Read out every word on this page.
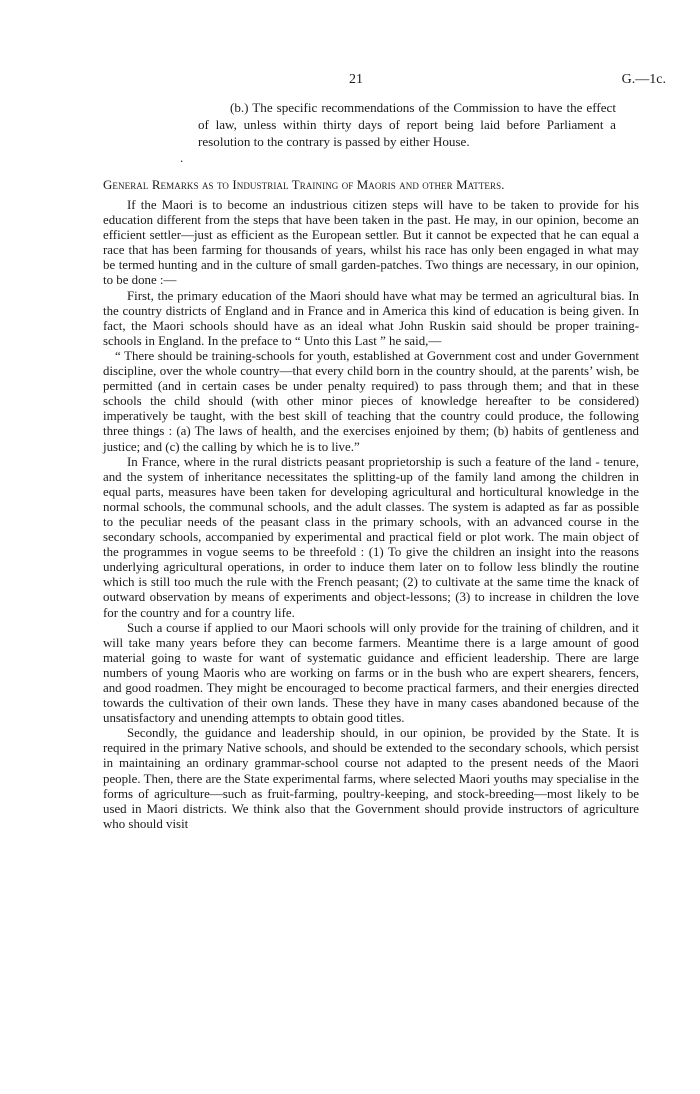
21	G.—1c.

(b.) The specific recommendations of the Commission to have the effect of law, unless within thirty days of report being laid before Parliament a resolution to the contrary is passed by either House.

.
General Remarks as to Industrial Training of Maoris and other Matters.

If the Maori is to become an industrious citizen steps will have to be taken to provide for his education different from the steps that have been taken in the past. He may, in our opinion, become an efficient settler—just as efficient as the European settler. But it cannot be expected that he can equal a race that has been farming for thousands of years, whilst his race has only been engaged in what may be termed hunting and in the culture of small garden-patches. Two things are necessary, in our opinion, to be done :—

First, the primary education of the Maori should have what may be termed an agricultural bias. In the country districts of England and in France and in America this kind of education is being given. In fact, the Maori schools should have as an ideal what John Ruskin said should be proper training-schools in England. In the preface to “ Unto this Last ” he said,—

“ There should be training-schools for youth, established at Government cost and under Government discipline, over the whole country—that every child born in the country should, at the parents’ wish, be permitted (and in certain cases be under penalty required) to pass through them; and that in these schools the child should (with other minor pieces of knowledge hereafter to be considered) imperatively be taught, with the best skill of teaching that the country could produce, the following three things : (a) The laws of health, and the exercises enjoined by them; (b) habits of gentleness and justice; and (c) the calling by which he is to live.”

In France, where in the rural districts peasant proprietorship is such a feature of the land - tenure, and the system of inheritance necessitates the splitting-up of the family land among the children in equal parts, measures have been taken for developing agricultural and horticultural knowledge in the normal schools, the communal schools, and the adult classes. The system is adapted as far as possible to the peculiar needs of the peasant class in the primary schools, with an advanced course in the secondary schools, accompanied by experimental and practical field or plot work. The main object of the programmes in vogue seems to be threefold : (1) To give the children an insight into the reasons underlying agricultural operations, in order to induce them later on to follow less blindly the routine which is still too much the rule with the French peasant; (2) to cultivate at the same time the knack of outward observation by means of experiments and object-lessons; (3) to increase in children the love for the country and for a country life.

Such a course if applied to our Maori schools will only provide for the training of children, and it will take many years before they can become farmers. Meantime there is a large amount of good material going to waste for want of systematic guidance and efficient leadership. There are large numbers of young Maoris who are working on farms or in the bush who are expert shearers, fencers, and good roadmen. They might be encouraged to become practical farmers, and their energies directed towards the cultivation of their own lands. These they have in many cases abandoned because of the unsatisfactory and unending attempts to obtain good titles.

Secondly, the guidance and leadership should, in our opinion, be provided by the State. It is required in the primary Native schools, and should be extended to the secondary schools, which persist in maintaining an ordinary grammar-school course not adapted to the present needs of the Maori people. Then, there are the State experimental farms, where selected Maori youths may specialise in the forms of agriculture—such as fruit-farming, poultry-keeping, and stock-breeding—most likely to be used in Maori districts. We think also that the Government should provide instructors of agriculture who should visit
